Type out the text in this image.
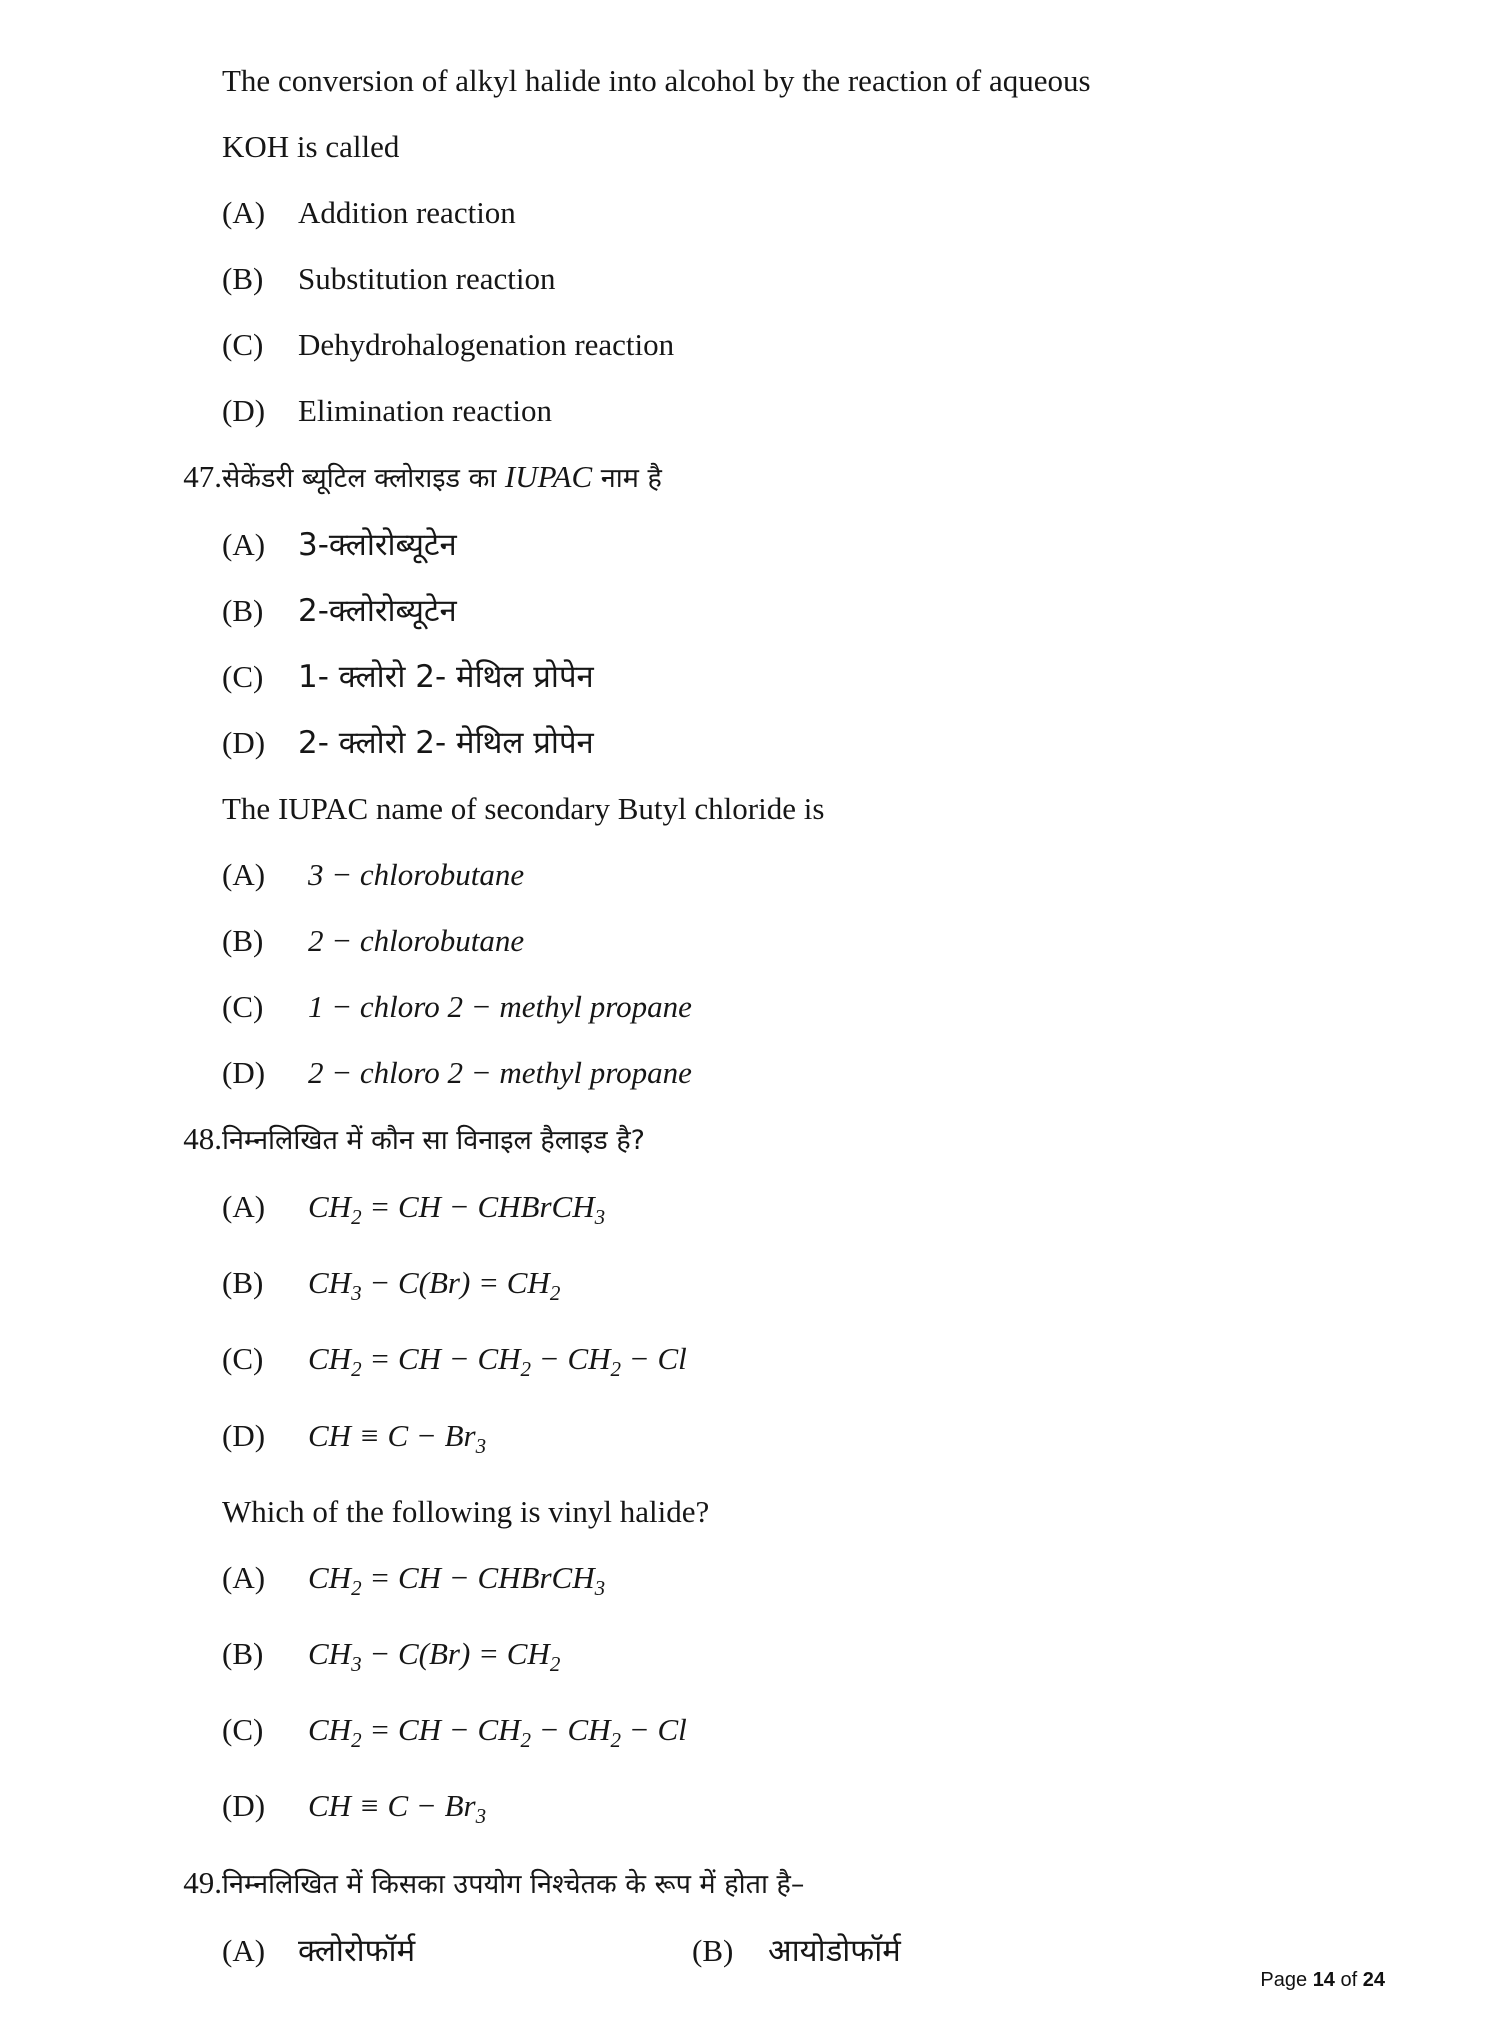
The conversion of alkyl halide into alcohol by the reaction of aqueous
KOH is called
(A)	Addition reaction
(B)	Substitution reaction
(C)	Dehydrohalogenation reaction
(D)	Elimination reaction
47. सेकेंडरी ब्यूटिल क्लोराइड का IUPAC नाम है
(A)	3-क्लोरोब्यूटेन
(B)	2-क्लोरोब्यूटेन
(C)	1- क्लोरो 2- मेथिल प्रोपेन
(D)	2- क्लोरो 2- मेथिल प्रोपेन
The IUPAC name of secondary Butyl chloride is
(A)	3 − chlorobutane
(B)	2 − chlorobutane
(C)	1 − chloro 2 − methyl propane
(D)	2 − chloro 2 − methyl propane
48. निम्नलिखित में कौन सा विनाइल हैलाइड है?
(A)	$CH_2$ = CH − CHBrCH$_3$
(B)	$CH_3 - C(Br) = CH_2$
(C)	$CH_2$ = CH − $CH_2 - CH_2 - Cl$
(D)	CH ≡ $C - Br_3$
Which of the following is vinyl halide?
(A)	$CH_2$ = CH − CHBrCH$_3$
(B)	$CH_3 - C(Br) = CH_2$
(C)	$CH_2$ = CH − $CH_2 - CH_2 - Cl$
(D)	CH ≡ $C - Br_3$
49. निम्नलिखित में किसका उपयोग निश्चेतक के रूप में होता है–
(A)	क्लोरोफॉर्म	(B)	आयोडोफॉर्म
Page 14 of 24
